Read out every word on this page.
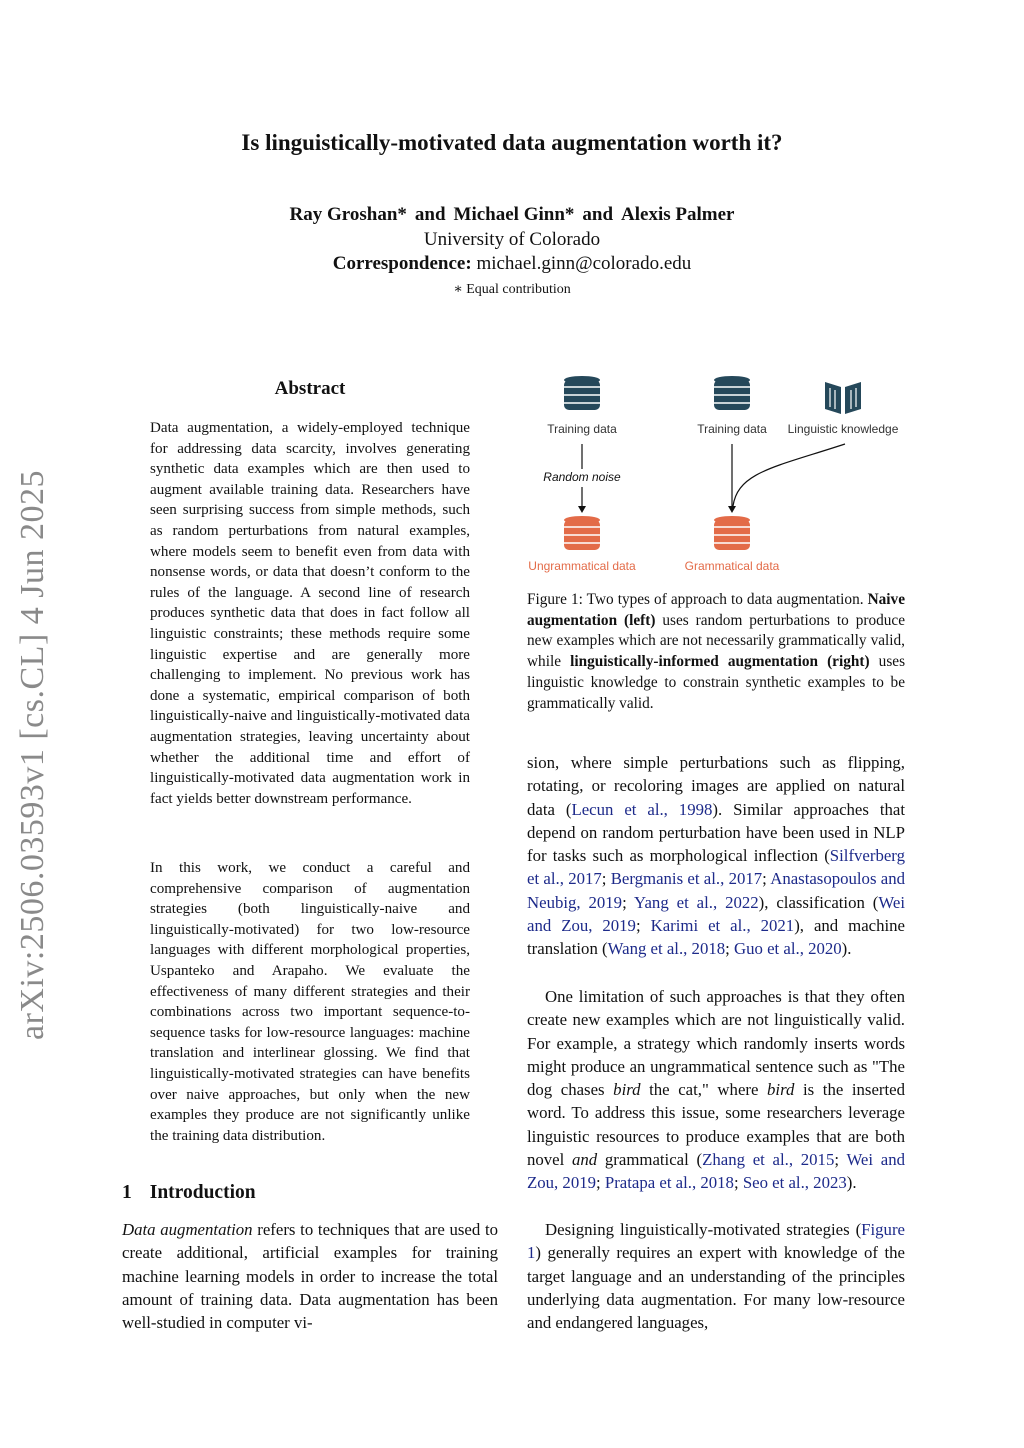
Is linguistically-motivated data augmentation worth it?
Ray Groshan* and Michael Ginn* and Alexis Palmer
University of Colorado
Correspondence: michael.ginn@colorado.edu
∗ Equal contribution
arXiv:2506.03593v1 [cs.CL] 4 Jun 2025
Abstract

Data augmentation, a widely-employed technique for addressing data scarcity, involves generating synthetic data examples which are then used to augment available training data. Researchers have seen surprising success from simple methods, such as random perturbations from natural examples, where models seem to benefit even from data with nonsense words, or data that doesn’t conform to the rules of the language. A second line of research produces synthetic data that does in fact follow all linguistic constraints; these methods require some linguistic expertise and are generally more challenging to implement. No previous work has done a systematic, empirical comparison of both linguistically-naive and linguistically-motivated data augmentation strategies, leaving uncertainty about whether the additional time and effort of linguistically-motivated data augmentation work in fact yields better downstream performance.

In this work, we conduct a careful and comprehensive comparison of augmentation strategies (both linguistically-naive and linguistically-motivated) for two low-resource languages with different morphological properties, Uspanteko and Arapaho. We evaluate the effectiveness of many different strategies and their combinations across two important sequence-to-sequence tasks for low-resource languages: machine translation and interlinear glossing. We find that linguistically-motivated strategies can have benefits over naive approaches, but only when the new examples they produce are not significantly unlike the training data distribution.

1 Introduction

Data augmentation refers to techniques that are used to create additional, artificial examples for training machine learning models in order to increase the total amount of training data. Data augmentation has been well-studied in computer vi-

Training data
Random noise
Ungrammatical data
Training data Linguistic knowledge
Grammatical data

Figure 1: Two types of approach to data augmentation. Naive augmentation (left) uses random perturbations to produce new examples which are not necessarily grammatically valid, while linguistically-informed augmentation (right) uses linguistic knowledge to constrain synthetic examples to be grammatically valid.

sion, where simple perturbations such as flipping, rotating, or recoloring images are applied on natural data (Lecun et al., 1998). Similar approaches that depend on random perturbation have been used in NLP for tasks such as morphological inflection (Silfverberg et al., 2017; Bergmanis et al., 2017; Anastasopoulos and Neubig, 2019; Yang et al., 2022), classification (Wei and Zou, 2019; Karimi et al., 2021), and machine translation (Wang et al., 2018; Guo et al., 2020).

One limitation of such approaches is that they often create new examples which are not linguistically valid. For example, a strategy which randomly inserts words might produce an ungrammatical sentence such as "The dog chases bird the cat," where bird is the inserted word. To address this issue, some researchers leverage linguistic resources to produce examples that are both novel and grammatical (Zhang et al., 2015; Wei and Zou, 2019; Pratapa et al., 2018; Seo et al., 2023).

Designing linguistically-motivated strategies (Figure 1) generally requires an expert with knowledge of the target language and an understanding of the principles underlying data augmentation. For many low-resource and endangered languages,
